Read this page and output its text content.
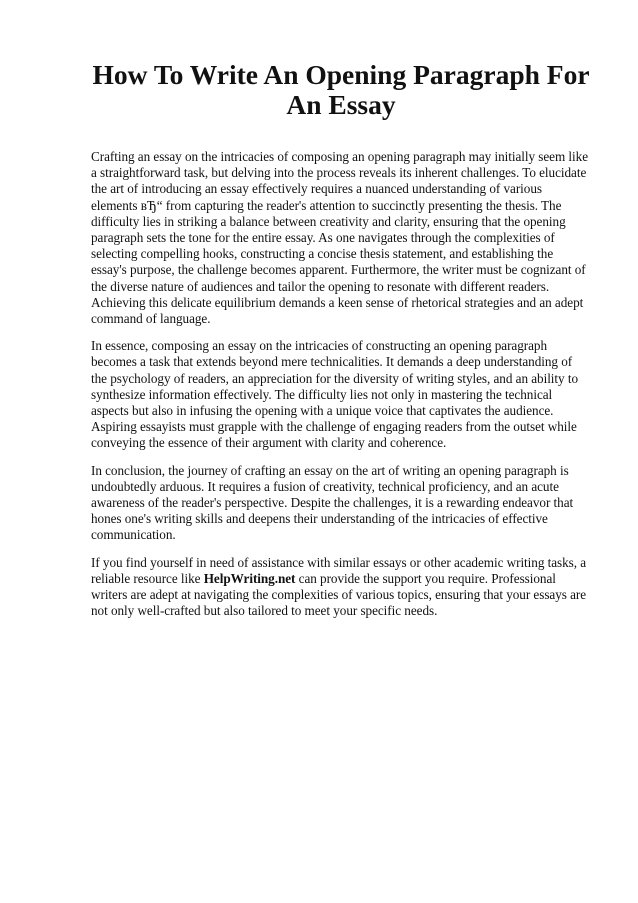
How To Write An Opening Paragraph For An Essay

Crafting an essay on the intricacies of composing an opening paragraph may initially seem like a straightforward task, but delving into the process reveals its inherent challenges. To elucidate the art of introducing an essay effectively requires a nuanced understanding of various elements вЂ“ from capturing the reader's attention to succinctly presenting the thesis. The difficulty lies in striking a balance between creativity and clarity, ensuring that the opening paragraph sets the tone for the entire essay. As one navigates through the complexities of selecting compelling hooks, constructing a concise thesis statement, and establishing the essay's purpose, the challenge becomes apparent. Furthermore, the writer must be cognizant of the diverse nature of audiences and tailor the opening to resonate with different readers. Achieving this delicate equilibrium demands a keen sense of rhetorical strategies and an adept command of language.

In essence, composing an essay on the intricacies of constructing an opening paragraph becomes a task that extends beyond mere technicalities. It demands a deep understanding of the psychology of readers, an appreciation for the diversity of writing styles, and an ability to synthesize information effectively. The difficulty lies not only in mastering the technical aspects but also in infusing the opening with a unique voice that captivates the audience. Aspiring essayists must grapple with the challenge of engaging readers from the outset while conveying the essence of their argument with clarity and coherence.

In conclusion, the journey of crafting an essay on the art of writing an opening paragraph is undoubtedly arduous. It requires a fusion of creativity, technical proficiency, and an acute awareness of the reader's perspective. Despite the challenges, it is a rewarding endeavor that hones one's writing skills and deepens their understanding of the intricacies of effective communication.

If you find yourself in need of assistance with similar essays or other academic writing tasks, a reliable resource like HelpWriting.net can provide the support you require. Professional writers are adept at navigating the complexities of various topics, ensuring that your essays are not only well-crafted but also tailored to meet your specific needs.
